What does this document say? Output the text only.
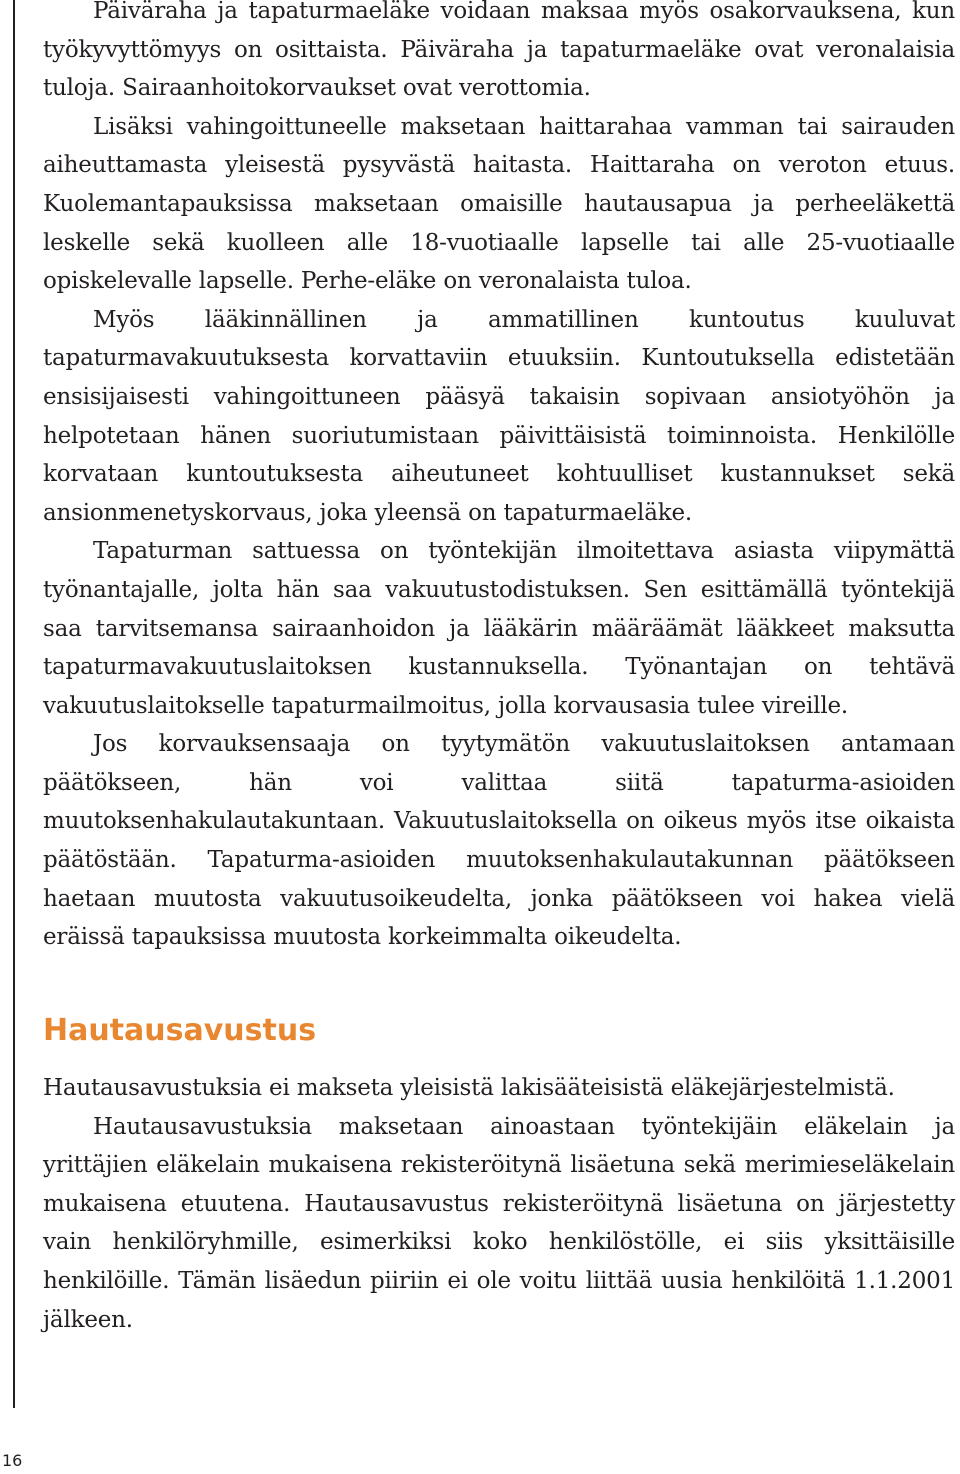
Päiväraha ja tapaturmaeläke voidaan maksaa myös osakorvauksena, kun työkyvyttömyys on osittaista. Päiväraha ja tapaturmaeläke ovat veronalaisia tuloja. Sairaanhoitokorvaukset ovat verottomia.

Lisäksi vahingoittuneelle maksetaan haittarahaa vamman tai sairauden aiheuttamasta yleisestä pysyvästä haitasta. Haittaraha on veroton etuus. Kuolemantapauksissa maksetaan omaisille hautausapua ja perheeläkettä leskelle sekä kuolleen alle 18-vuotiaalle lapselle tai alle 25-vuotiaalle opiskelevalle lapselle. Perhe-eläke on veronalaista tuloa.

Myös lääkinnällinen ja ammatillinen kuntoutus kuuluvat tapaturmavakuutuksesta korvattaviin etuuksiin. Kuntoutuksella edistetään ensisijaisesti vahingoittuneen pääsyä takaisin sopivaan ansiotyöhön ja helpotetaan hänen suoriutumistaan päivittäisistä toiminnoista. Henkilölle korvataan kuntoutuksesta aiheutuneet kohtuulliset kustannukset sekä ansionmenetyskorvaus, joka yleensä on tapaturmaeläke.

Tapaturman sattuessa on työntekijän ilmoitettava asiasta viipymättä työnantajalle, jolta hän saa vakuutustodistuksen. Sen esittämällä työntekijä saa tarvitsemansa sairaanhoidon ja lääkärin määräämät lääkkeet maksutta tapaturmavakuutuslaitoksen kustannuksella. Työnantajan on tehtävä vakuutuslaitokselle tapaturmailmoitus, jolla korvausasia tulee vireille.

Jos korvauksensaaja on tyytymätön vakuutuslaitoksen antamaan päätökseen, hän voi valittaa siitä tapaturma-asioiden muutoksenhakulautakuntaan. Vakuutuslaitoksella on oikeus myös itse oikaista päätöstään. Tapaturma-asioiden muutoksenhakulautakunnan päätökseen haetaan muutosta vakuutusoikeudelta, jonka päätökseen voi hakea vielä eräissä tapauksissa muutosta korkeimmalta oikeudelta.

Hautausavustus

Hautausavustuksia ei makseta yleisistä lakisääteisistä eläkejärjestelmistä.

Hautausavustuksia maksetaan ainoastaan työntekijäin eläkelain ja yrittäjien eläkelain mukaisena rekisteröitynä lisäetuna sekä merimieseläkelain mukaisena etuutena. Hautausavustus rekisteröitynä lisäetuna on järjestetty vain henkilöryhmille, esimerkiksi koko henkilöstölle, ei siis yksittäisille henkilöille. Tämän lisäedun piiriin ei ole voitu liittää uusia henkilöitä 1.1.2001 jälkeen.

16
